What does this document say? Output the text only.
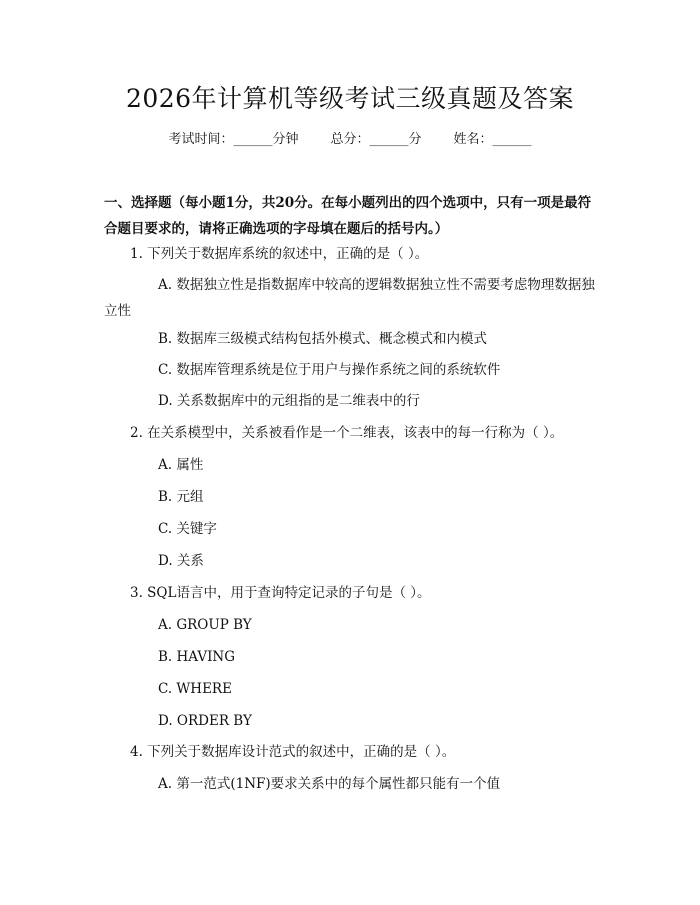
2026年计算机等级考试三级真题及答案
考试时间：______分钟 总分：______分 姓名：______
一、选择题（每小题1分，共20分。在每小题列出的四个选项中，只有一项是最符合题目要求的，请将正确选项的字母填在题后的括号内。）
1. 下列关于数据库系统的叙述中，正确的是（ ）。
A. 数据独立性是指数据库中较高的逻辑数据独立性不需要考虑物理数据独立性
B. 数据库三级模式结构包括外模式、概念模式和内模式
C. 数据库管理系统是位于用户与操作系统之间的系统软件
D. 关系数据库中的元组指的是二维表中的行
2. 在关系模型中，关系被看作是一个二维表，该表中的每一行称为（ ）。
A. 属性
B. 元组
C. 关键字
D. 关系
3. SQL语言中，用于查询特定记录的子句是（ ）。
A. GROUP BY
B. HAVING
C. WHERE
D. ORDER BY
4. 下列关于数据库设计范式的叙述中，正确的是（ ）。
A. 第一范式(1NF)要求关系中的每个属性都只能有一个值
